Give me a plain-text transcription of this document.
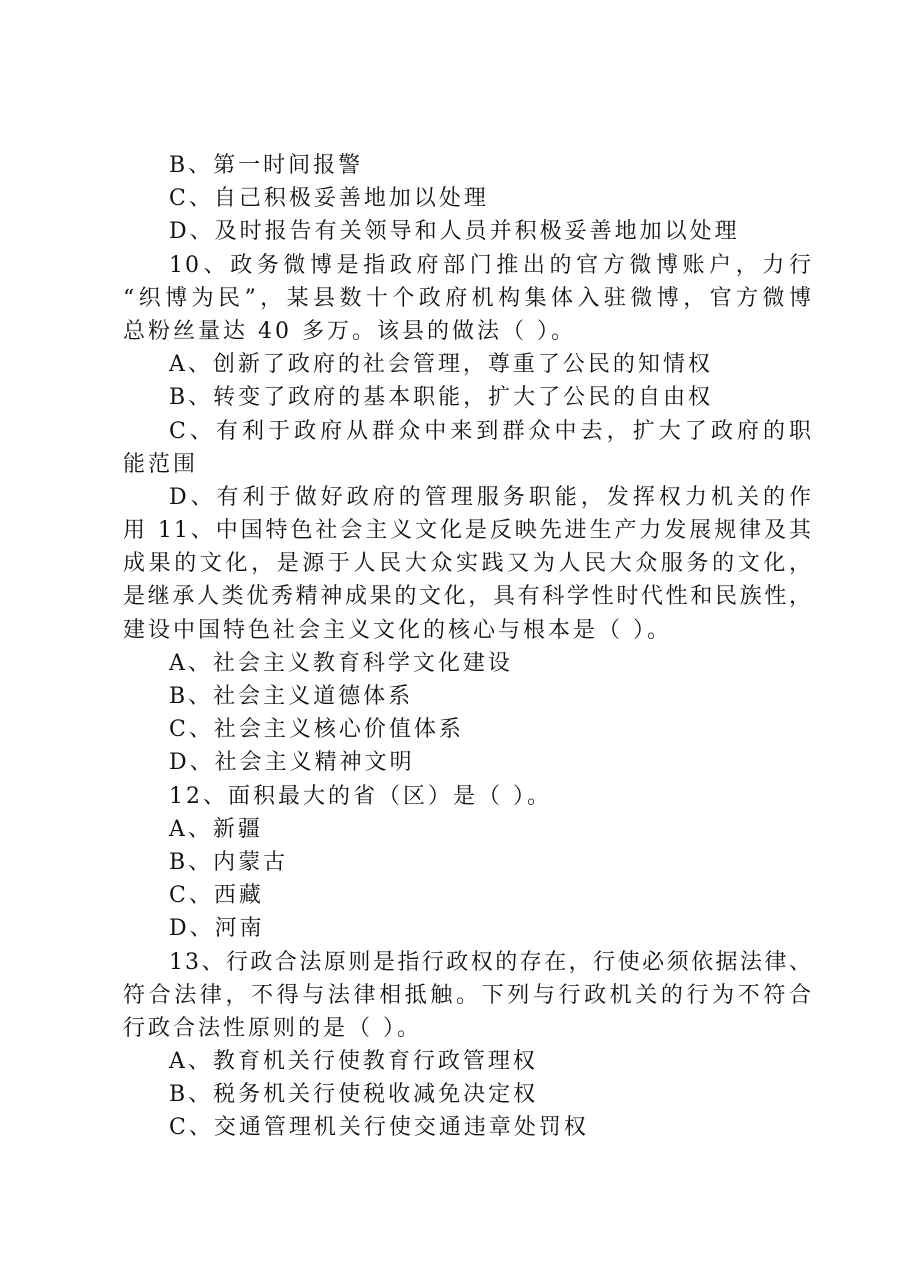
B、第一时间报警
C、自己积极妥善地加以处理
D、及时报告有关领导和人员并积极妥善地加以处理
10、政务微博是指政府部门推出的官方微博账户，力行
“织博为民”，某县数十个政府机构集体入驻微博，官方微博
总粉丝量达 40 多万。该县的做法（ ）。
A、创新了政府的社会管理，尊重了公民的知情权
B、转变了政府的基本职能，扩大了公民的自由权
C、有利于政府从群众中来到群众中去，扩大了政府的职
能范围
D、有利于做好政府的管理服务职能，发挥权力机关的作
用 11、中国特色社会主义文化是反映先进生产力发展规律及其
成果的文化，是源于人民大众实践又为人民大众服务的文化，
是继承人类优秀精神成果的文化，具有科学性时代性和民族性，
建设中国特色社会主义文化的核心与根本是（ ）。
A、社会主义教育科学文化建设
B、社会主义道德体系
C、社会主义核心价值体系
D、社会主义精神文明
12、面积最大的省（区）是（ ）。
A、新疆
B、内蒙古
C、西藏
D、河南
13、行政合法原则是指行政权的存在，行使必须依据法律、
符合法律，不得与法律相抵触。下列与行政机关的行为不符合
行政合法性原则的是（ ）。
A、教育机关行使教育行政管理权
B、税务机关行使税收减免决定权
C、交通管理机关行使交通违章处罚权
